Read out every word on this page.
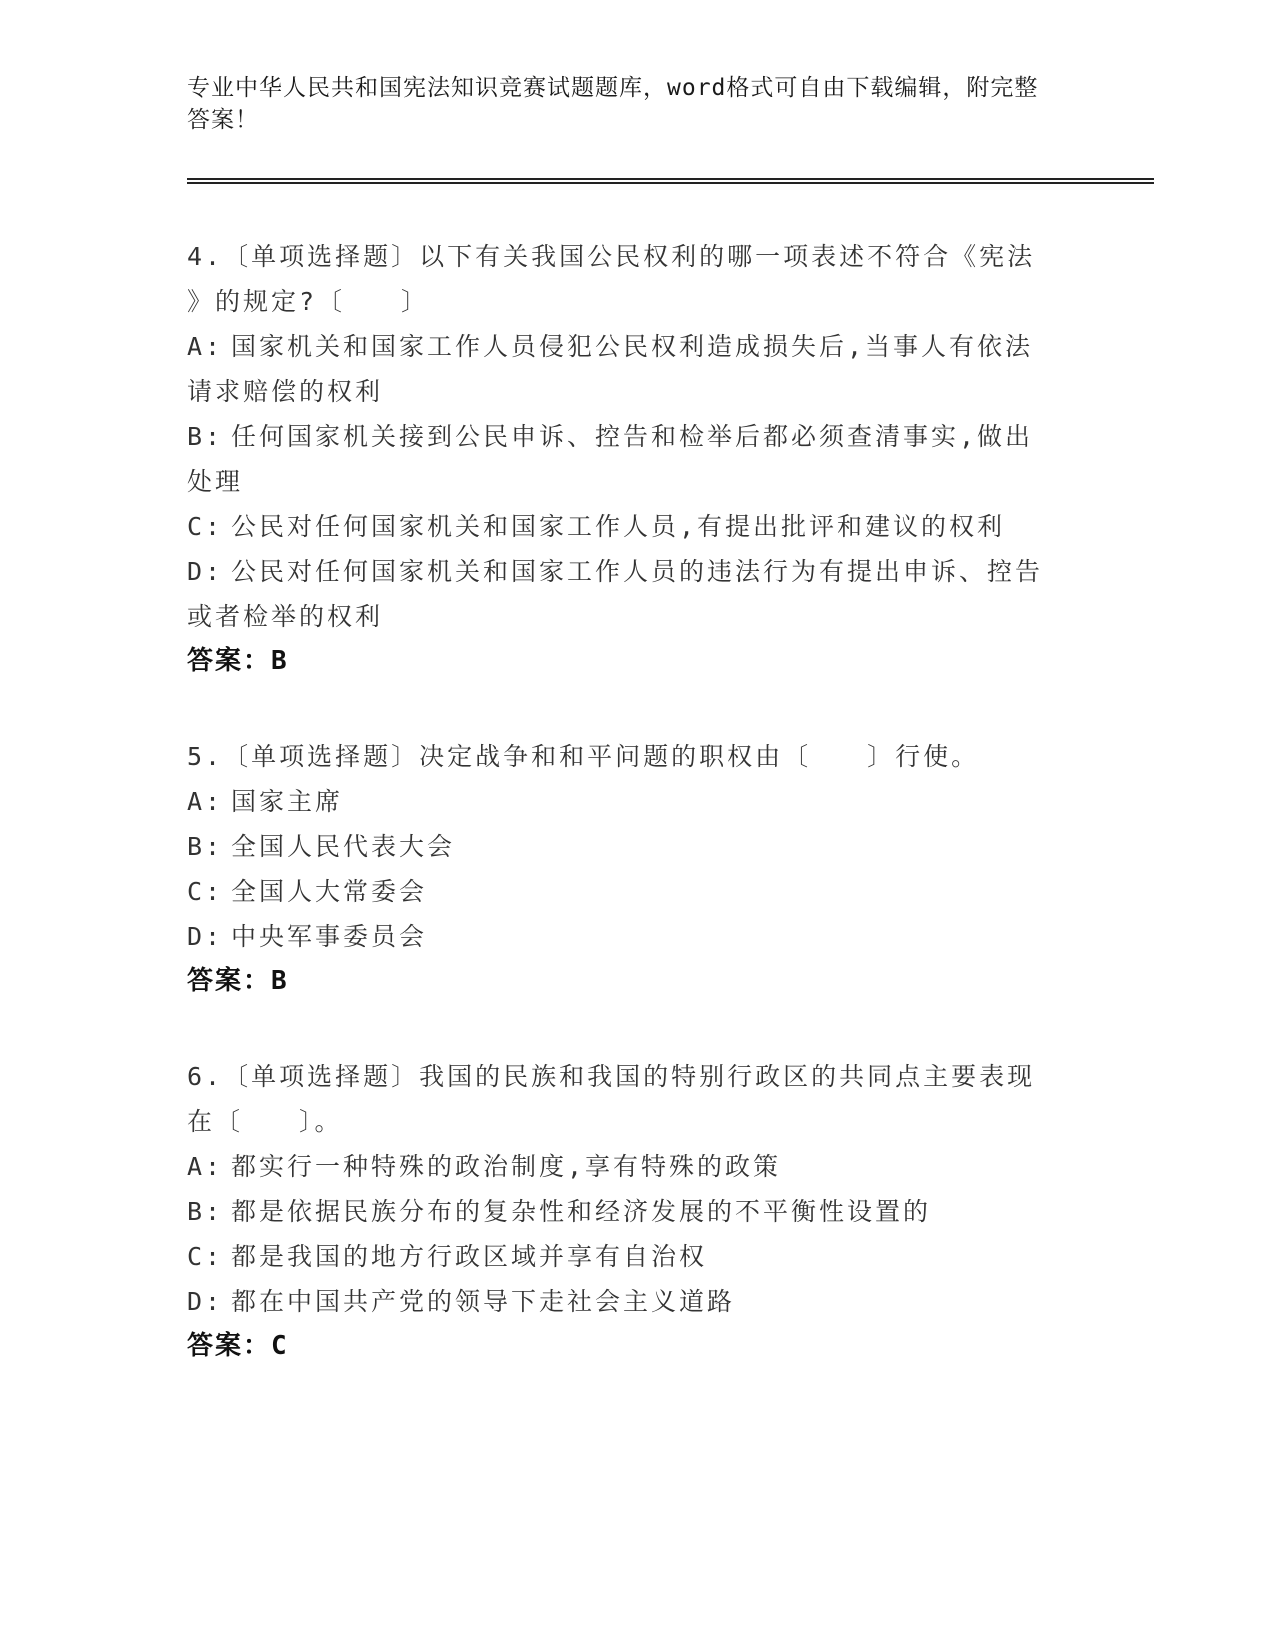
专业中华人民共和国宪法知识竞赛试题题库，word格式可自由下载编辑，附完整
答案！
4.〔单项选择题〕以下有关我国公民权利的哪一项表述不符合《宪法
》的规定?〔　　〕
A: 国家机关和国家工作人员侵犯公民权利造成损失后,当事人有依法
请求赔偿的权利
B: 任何国家机关接到公民申诉、控告和检举后都必须查清事实,做出
处理
C: 公民对任何国家机关和国家工作人员,有提出批评和建议的权利
D: 公民对任何国家机关和国家工作人员的违法行为有提出申诉、控告
或者检举的权利
答案：B
5.〔单项选择题〕决定战争和和平问题的职权由〔　　〕行使。
A: 国家主席
B: 全国人民代表大会
C: 全国人大常委会
D: 中央军事委员会
答案：B
6.〔单项选择题〕我国的民族和我国的特别行政区的共同点主要表现
在〔　　〕。
A: 都实行一种特殊的政治制度,享有特殊的政策
B: 都是依据民族分布的复杂性和经济发展的不平衡性设置的
C: 都是我国的地方行政区域并享有自治权
D: 都在中国共产党的领导下走社会主义道路
答案：C
